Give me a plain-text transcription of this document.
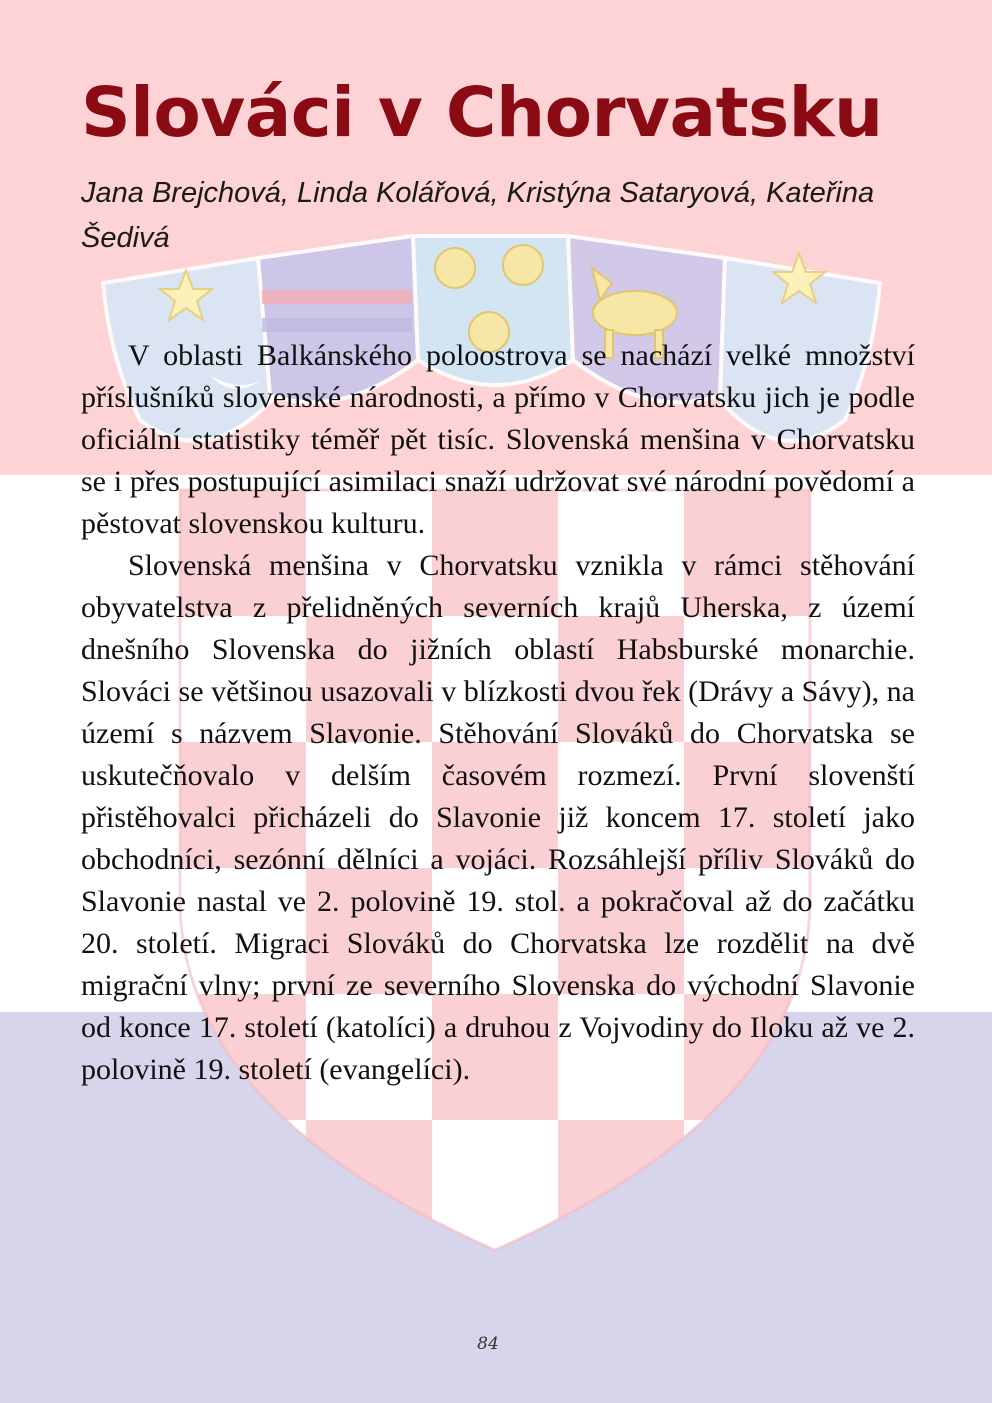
Slováci v Chorvatsku

Jana Brejchová, Linda Kolářová, Kristýna Sataryová, Kateřina Šedivá

V oblasti Balkánského poloostrova se nachází velké množství příslušníků slovenské národnosti, a přímo v Chorvatsku jich je podle oficiální statistiky téměř pět tisíc. Slovenská menšina v Chorvatsku se i přes postupující asimilaci snaží udržovat své národní povědomí a pěstovat slovenskou kulturu.

Slovenská menšina v Chorvatsku vznikla v rámci stěhování obyvatelstva z přelidněných severních krajů Uherska, z území dnešního Slovenska do jižních oblastí Habsburské monarchie. Slováci se většinou usazovali v blízkosti dvou řek (Drávy a Sávy), na území s názvem Slavonie. Stěhování Slováků do Chorvatska se uskutečňovalo v delším časovém rozmezí. První slovenští přistěhovalci přicházeli do Slavonie již koncem 17. století jako obchodníci, sezónní dělníci a vojáci. Rozsáhlejší příliv Slováků do Slavonie nastal ve 2. polovině 19. stol. a pokračoval až do začátku 20. století. Migraci Slováků do Chorvatska lze rozdělit na dvě migrační vlny; první ze severního Slovenska do východní Slavonie od konce 17. století (katolíci) a druhou z Vojvodiny do Iloku až ve 2. polovině 19. století (evangelíci).

84
